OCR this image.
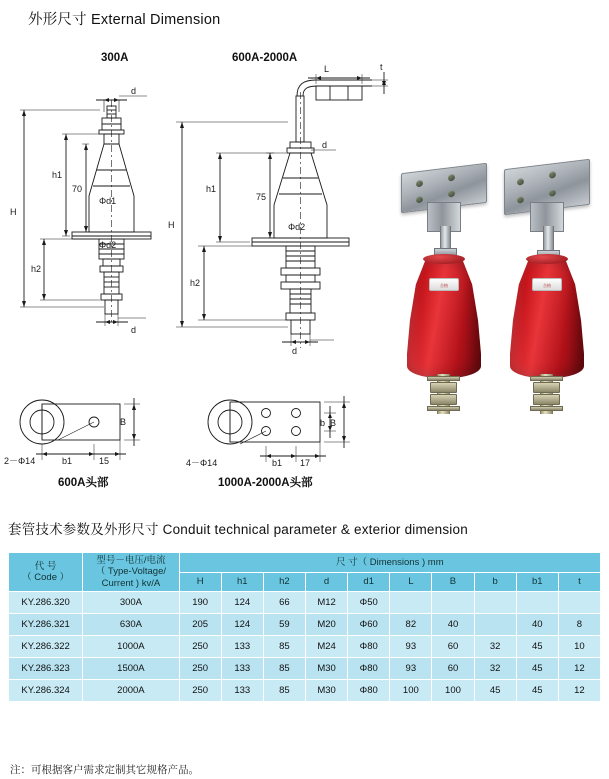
外形尺寸 External Dimension
300A
d
h1
70
H
h2
Φd1
Φd2
d
t
L
d
h1
75
H
h2
Φd2
d
B
b1	15
2－Φ14
b B
b1 17
4－Φ14
600A-2000A
600A头部	1000A-2000A头部
合格	合格
套管技术参数及外形尺寸 Conduit technical parameter & exterior dimension
代 号
（ Code ）

型号－电压/电流
（ Type-Voltage/
Current ) kv/A
	尺 寸（ Dimensions ) mm
		H	h1	h2	d	d1	L	B	b	b1	t
KY.286.320	300A	190	124	66	M12	Φ50					
KY.286.321	630A	205	124	59	M20	Φ60	82	40		40	8
KY.286.322	1000A	250	133	85	M24	Φ80	93	60	32	45	10
KY.286.323	1500A	250	133	85	M30	Φ80	93	60	32	45	12
KY.286.324	2000A	250	133	85	M30	Φ80	100	100	45	45	12
注：可根据客户需求定制其它规格产品。
